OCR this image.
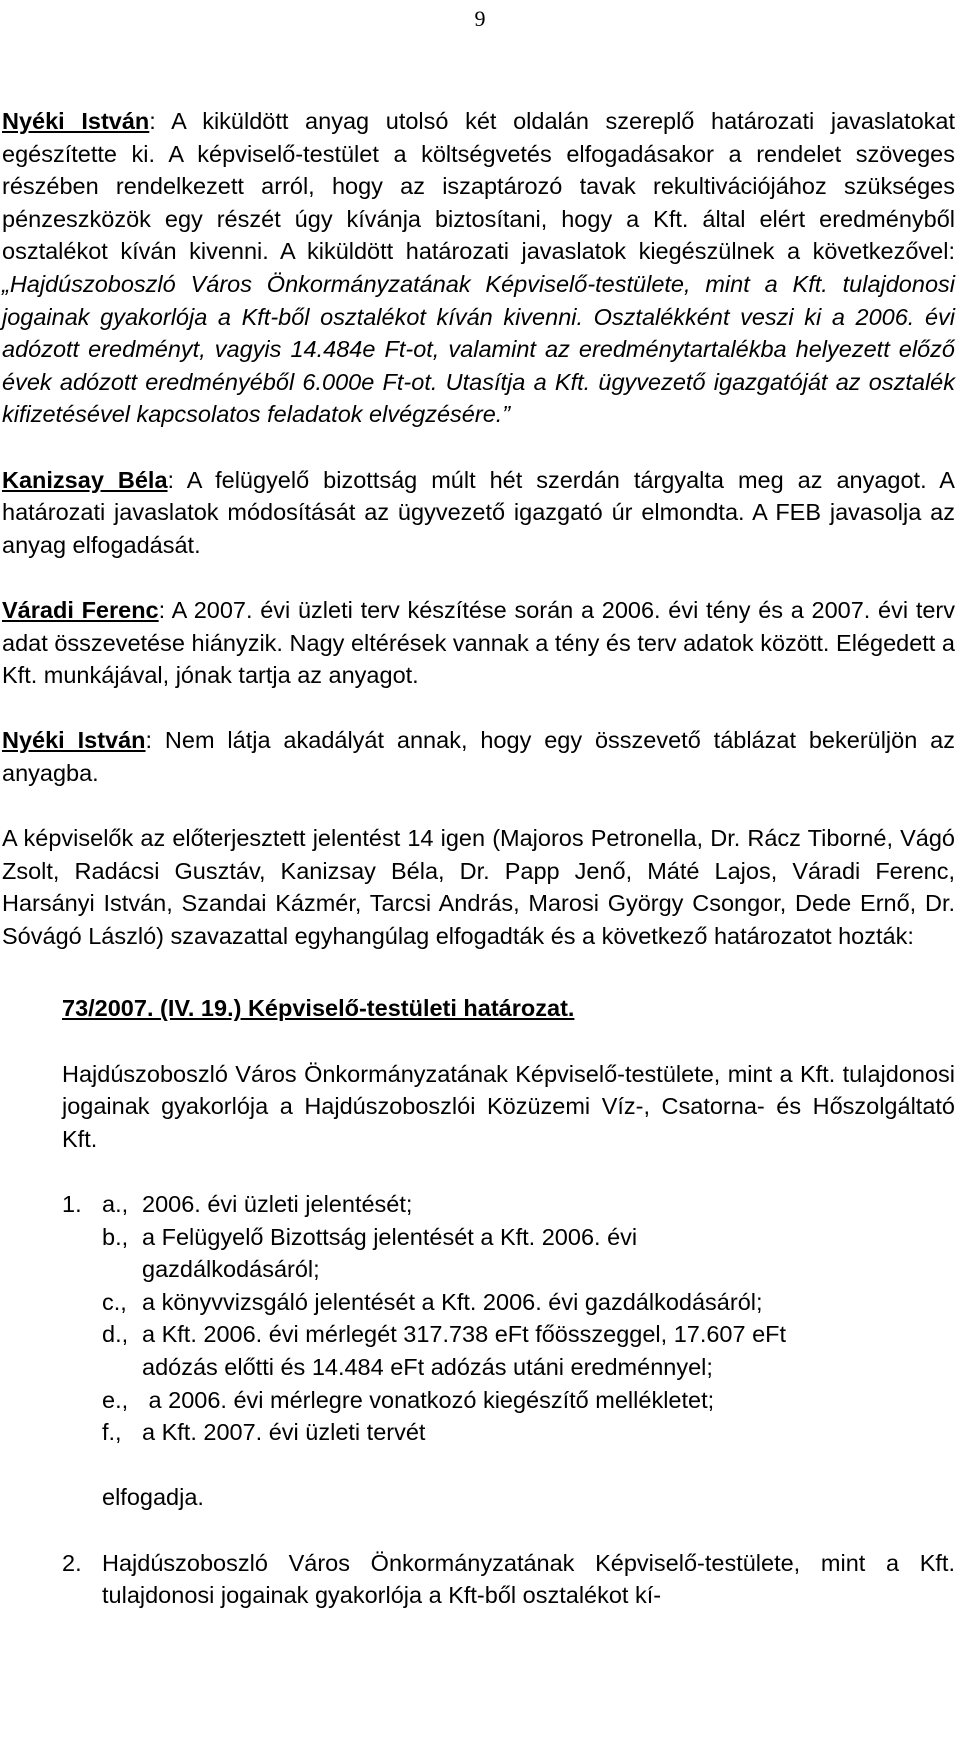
9
Nyéki István: A kiküldött anyag utolsó két oldalán szereplő határozati javaslatokat egészítette ki. A képviselő-testület a költségvetés elfogadásakor a rendelet szöveges részében rendelkezett arról, hogy az iszaptározó tavak rekultivációjához szükséges pénzeszközök egy részét úgy kívánja biztosítani, hogy a Kft. által elért eredményből osztalékot kíván kivenni. A kiküldött határozati javaslatok kiegészülnek a következővel: „Hajdúszoboszló Város Önkormányzatának Képviselő-testülete, mint a Kft. tulajdonosi jogainak gyakorlója a Kft-ből osztalékot kíván kivenni. Osztalékként veszi ki a 2006. évi adózott eredményt, vagyis 14.484e Ft-ot, valamint az eredménytartalékba helyezett előző évek adózott eredményéből 6.000e Ft-ot. Utasítja a Kft. ügyvezető igazgatóját az osztalék kifizetésével kapcsolatos feladatok elvégzésére.”
Kanizsay Béla: A felügyelő bizottság múlt hét szerdán tárgyalta meg az anyagot. A határozati javaslatok módosítását az ügyvezető igazgató úr elmondta. A FEB javasolja az anyag elfogadását.
Váradi Ferenc: A 2007. évi üzleti terv készítése során a 2006. évi tény és a 2007. évi terv adat összevetése hiányzik. Nagy eltérések vannak a tény és terv adatok között. Elégedett a Kft. munkájával, jónak tartja az anyagot.
Nyéki István: Nem látja akadályát annak, hogy egy összevető táblázat bekerüljön az anyagba.
A képviselők az előterjesztett jelentést 14 igen (Majoros Petronella, Dr. Rácz Tiborné, Vágó Zsolt, Radácsi Gusztáv, Kanizsay Béla, Dr. Papp Jenő, Máté Lajos, Váradi Ferenc, Harsányi István, Szandai Kázmér, Tarcsi András, Marosi György Csongor, Dede Ernő, Dr. Sóvágó László) szavazattal egyhangúlag elfogadták és a következő határozatot hozták:
73/2007. (IV. 19.) Képviselő-testületi határozat.
Hajdúszoboszló Város Önkormányzatának Képviselő-testülete, mint a Kft. tulajdonosi jogainak gyakorlója a Hajdúszoboszlói Közüzemi Víz-, Csatorna- és Hőszolgáltató Kft.
1. a., 2006. évi üzleti jelentését;
b., a Felügyelő Bizottság jelentését a Kft. 2006. évi gazdálkodásáról;
c., a könyvvizsgáló jelentését a Kft. 2006. évi gazdálkodásáról;
d., a Kft. 2006. évi mérlegét 317.738 eFt főösszeggel, 17.607 eFt adózás előtti és 14.484 eFt adózás utáni eredménnyel;
e., a 2006. évi mérlegre vonatkozó kiegészítő mellékletet;
f., a Kft. 2007. évi üzleti tervét
elfogadja.
2. Hajdúszoboszló Város Önkormányzatának Képviselő-testülete, mint a Kft. tulajdonosi jogainak gyakorlója a Kft-ből osztalékot kí-
